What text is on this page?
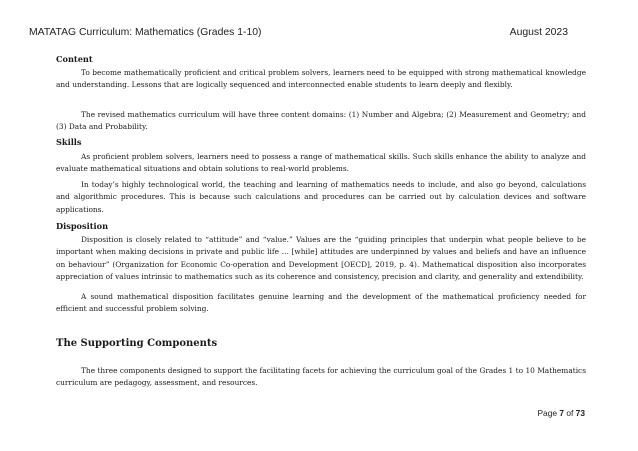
MATATAG Curriculum: Mathematics (Grades 1-10)	August 2023
Content
To become mathematically proficient and critical problem solvers, learners need to be equipped with strong mathematical knowledge and understanding. Lessons that are logically sequenced and interconnected enable students to learn deeply and flexibly.
The revised mathematics curriculum will have three content domains: (1) Number and Algebra; (2) Measurement and Geometry; and (3) Data and Probability.
Skills
As proficient problem solvers, learners need to possess a range of mathematical skills. Such skills enhance the ability to analyze and evaluate mathematical situations and obtain solutions to real-world problems.
In today’s highly technological world, the teaching and learning of mathematics needs to include, and also go beyond, calculations and algorithmic procedures. This is because such calculations and procedures can be carried out by calculation devices and software applications.
Disposition
Disposition is closely related to “attitude” and “value.” Values are the “guiding principles that underpin what people believe to be important when making decisions in private and public life … [while] attitudes are underpinned by values and beliefs and have an influence on behaviour” (Organization for Economic Co-operation and Development [OECD], 2019, p. 4). Mathematical disposition also incorporates appreciation of values intrinsic to mathematics such as its coherence and consistency, precision and clarity, and generality and extendibility.
A sound mathematical disposition facilitates genuine learning and the development of the mathematical proficiency needed for efficient and successful problem solving.
The Supporting Components
The three components designed to support the facilitating facets for achieving the curriculum goal of the Grades 1 to 10 Mathematics curriculum are pedagogy, assessment, and resources.
Page 7 of 73
